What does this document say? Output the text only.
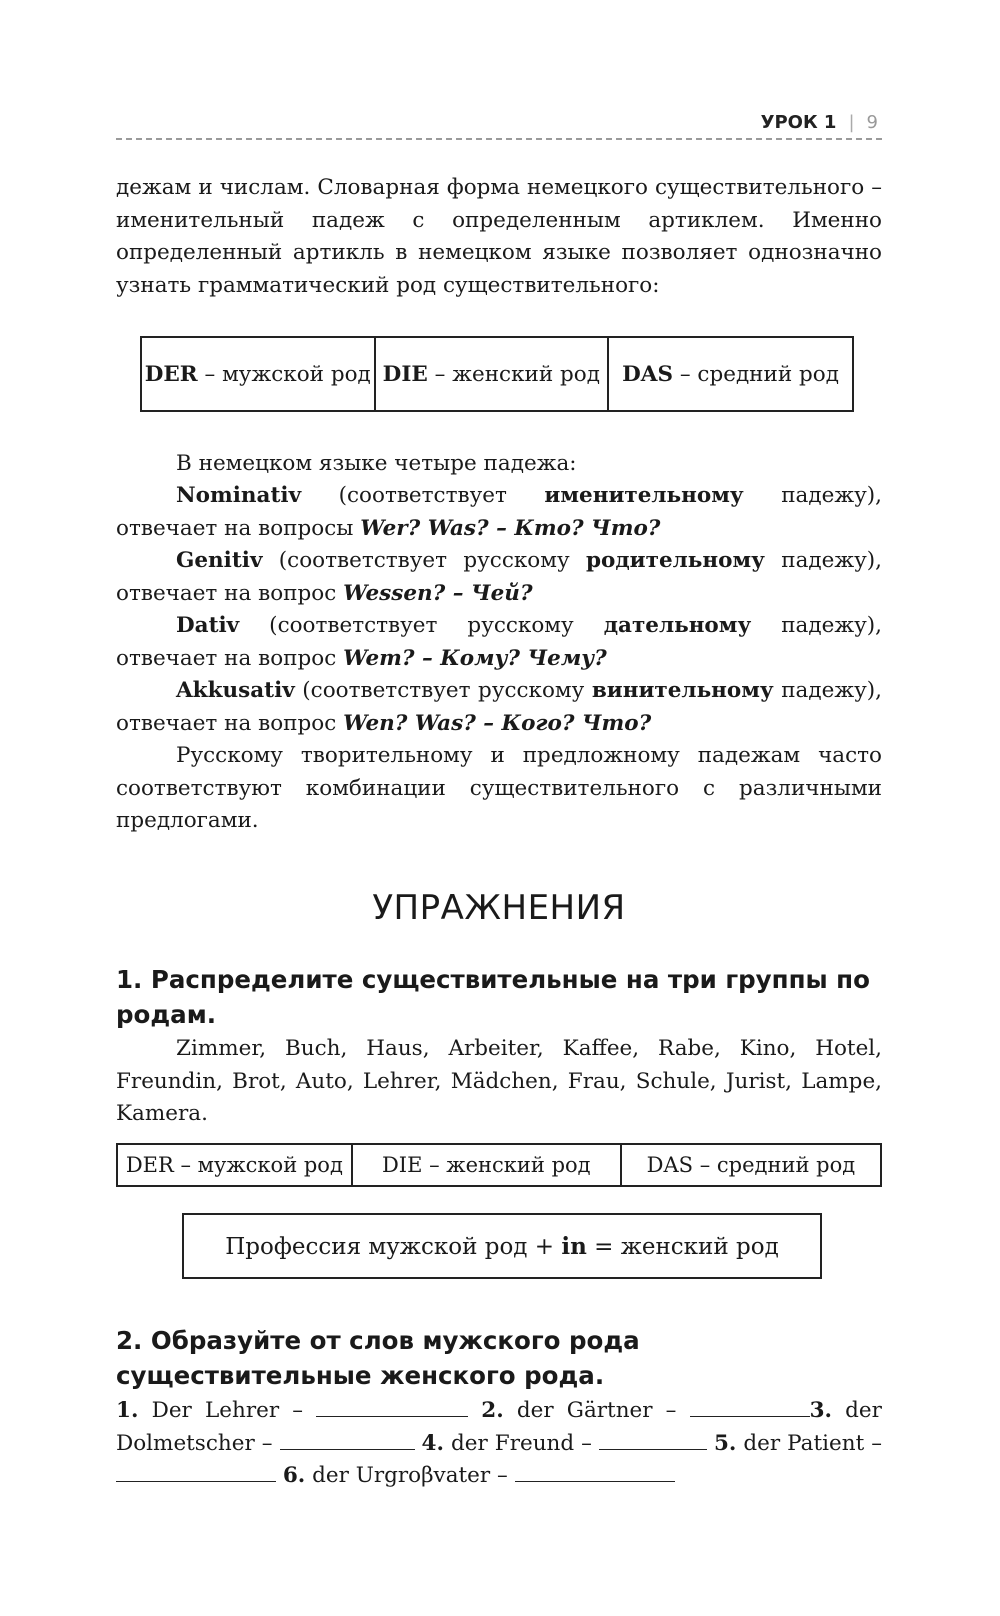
УРОК 1 | 9

дежам и числам. Словарная форма немецкого существительного – именительный падеж с определенным артиклем. Именно определенный артикль в немецком языке позволяет однозначно узнать грамматический род существительного:

DER – мужской род	DIE – женский род	DAS – средний род

В немецком языке четыре падежа:

Nominativ (соответствует именительному падежу), отвечает на вопросы Wer? Was? – Кто? Что?

Genitiv (соответствует русскому родительному падежу), отвечает на вопрос Wessen? – Чей?

Dativ (соответствует русскому дательному падежу), отвечает на вопрос Wem? – Кому? Чему?

Akkusativ (соответствует русскому винительному падежу), отвечает на вопрос Wen? Was? – Кого? Что?

Русскому творительному и предложному падежам часто соответствуют комбинации существительного с различными предлогами.

УПРАЖНЕНИЯ

1. Распределите существительные на три группы по родам.

Zimmer, Buch, Haus, Arbeiter, Kaffee, Rabe, Kino, Hotel, Freundin, Brot, Auto, Lehrer, Mädchen, Frau, Schule, Jurist, Lampe, Kamera.

DER – мужской род	DIE – женский род	DAS – средний род
Профессия мужской род + in = женский род

2. Образуйте от слов мужского рода существительные женского рода.

1. Der Lehrer –	2. der Gärtner –	3. der Dolmetscher –	4. der Freund –	5. der Patient –  6. der Urgroβvater –
